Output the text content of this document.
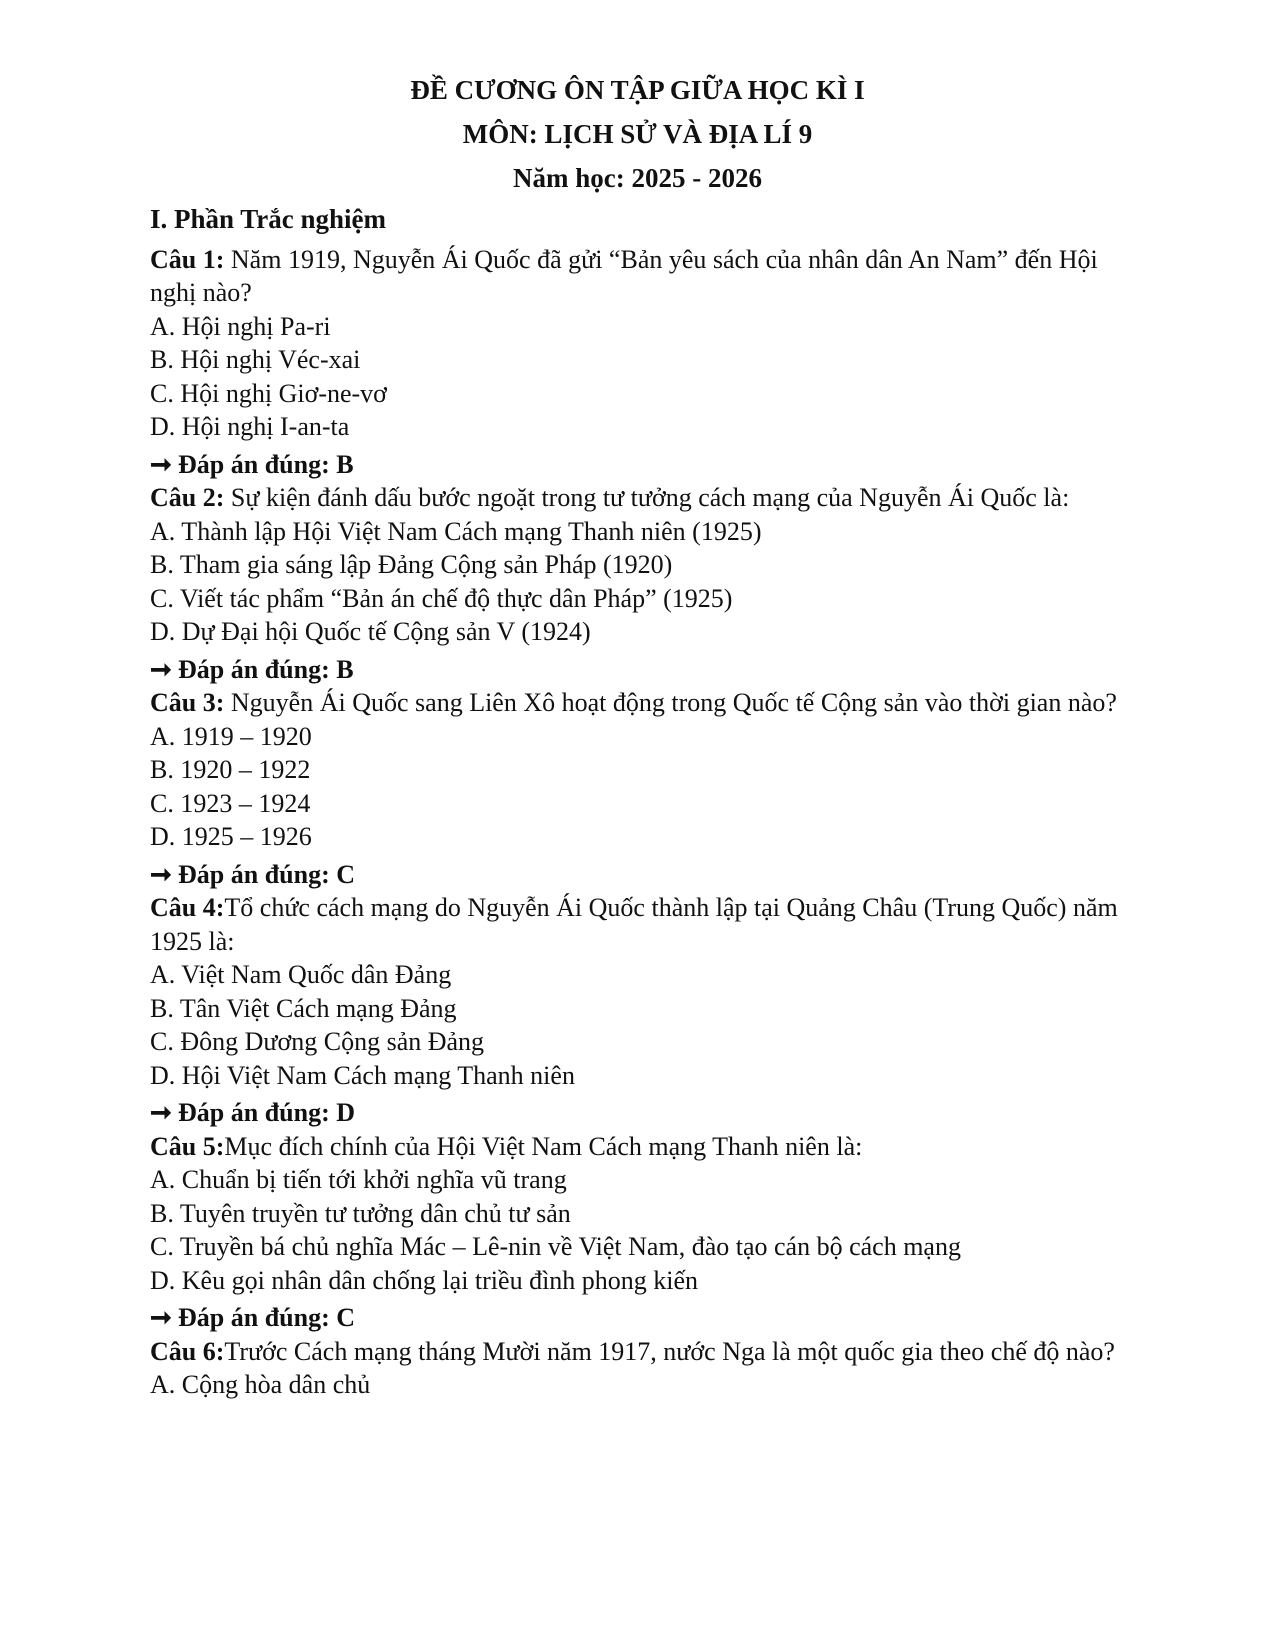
ĐỀ CƯƠNG ÔN TẬP GIỮA HỌC KÌ I
MÔN: LỊCH SỬ VÀ ĐỊA LÍ 9
Năm học: 2025 - 2026
I. Phần Trắc nghiệm
Câu 1: Năm 1919, Nguyễn Ái Quốc đã gửi “Bản yêu sách của nhân dân An Nam” đến Hội nghị nào?
A. Hội nghị Pa-ri
B. Hội nghị Véc-xai
C. Hội nghị Giơ-ne-vơ
D. Hội nghị I-an-ta
➞ Đáp án đúng: B
Câu 2: Sự kiện đánh dấu bước ngoặt trong tư tưởng cách mạng của Nguyễn Ái Quốc là:
A. Thành lập Hội Việt Nam Cách mạng Thanh niên (1925)
B. Tham gia sáng lập Đảng Cộng sản Pháp (1920)
C. Viết tác phẩm “Bản án chế độ thực dân Pháp” (1925)
D. Dự Đại hội Quốc tế Cộng sản V (1924)
➞ Đáp án đúng: B
Câu 3: Nguyễn Ái Quốc sang Liên Xô hoạt động trong Quốc tế Cộng sản vào thời gian nào?
A. 1919 – 1920
B. 1920 – 1922
C. 1923 – 1924
D. 1925 – 1926
➞ Đáp án đúng: C
Câu 4:Tổ chức cách mạng do Nguyễn Ái Quốc thành lập tại Quảng Châu (Trung Quốc) năm 1925 là:
A. Việt Nam Quốc dân Đảng
B. Tân Việt Cách mạng Đảng
C. Đông Dương Cộng sản Đảng
D. Hội Việt Nam Cách mạng Thanh niên
➞ Đáp án đúng: D
Câu 5:Mục đích chính của Hội Việt Nam Cách mạng Thanh niên là:
A. Chuẩn bị tiến tới khởi nghĩa vũ trang
B. Tuyên truyền tư tưởng dân chủ tư sản
C. Truyền bá chủ nghĩa Mác – Lê-nin về Việt Nam, đào tạo cán bộ cách mạng
D. Kêu gọi nhân dân chống lại triều đình phong kiến
➞ Đáp án đúng: C
Câu 6:Trước Cách mạng tháng Mười năm 1917, nước Nga là một quốc gia theo chế độ nào?
A. Cộng hòa dân chủ
